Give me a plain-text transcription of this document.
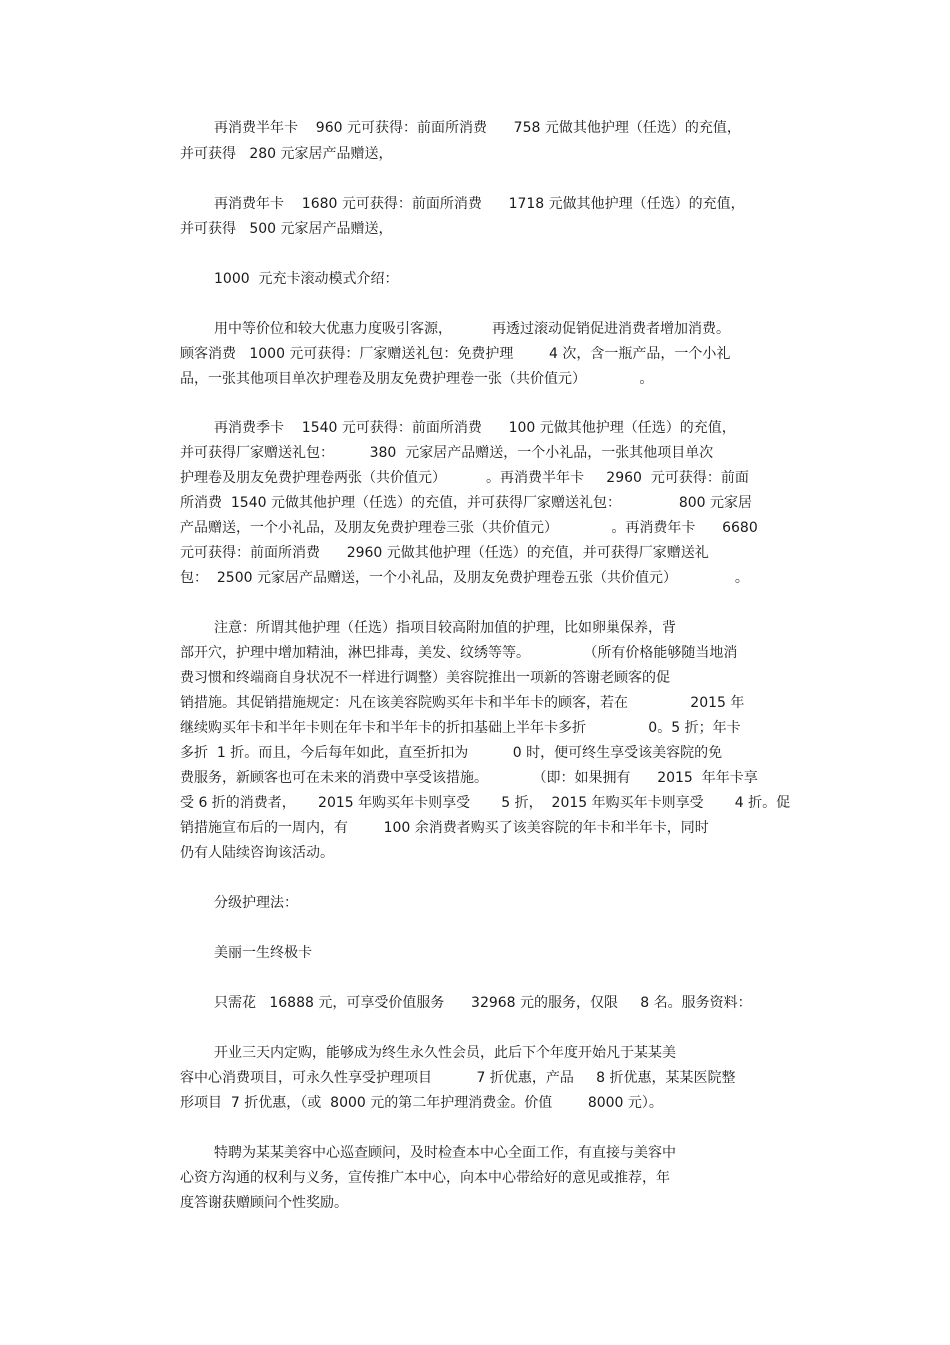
再消费半年卡    960 元可获得：前面所消费      758 元做其他护理（任选）的充值，
并可获得   280 元家居产品赠送，
再消费年卡    1680 元可获得：前面所消费      1718 元做其他护理（任选）的充值，
并可获得   500 元家居产品赠送，
1000  元充卡滚动模式介绍：
用中等价位和较大优惠力度吸引客源，         再透过滚动促销促进消费者增加消费。
顾客消费   1000 元可获得：厂家赠送礼包：免费护理        4 次，含一瓶产品，一个小礼
品，一张其他项目单次护理卷及朋友免费护理卷一张（共价值元）            。
再消费季卡    1540 元可获得：前面所消费      100 元做其他护理（任选）的充值，
并可获得厂家赠送礼包：        380  元家居产品赠送，一个小礼品，一张其他项目单次
护理卷及朋友免费护理卷两张（共价值元）         。再消费半年卡     2960  元可获得：前面
所消费  1540 元做其他护理（任选）的充值，并可获得厂家赠送礼包：             800 元家居
产品赠送，一个小礼品，及朋友免费护理卷三张（共价值元）            。再消费年卡      6680
元可获得：前面所消费      2960 元做其他护理（任选）的充值，并可获得厂家赠送礼
包：  2500 元家居产品赠送，一个小礼品，及朋友免费护理卷五张（共价值元）             。
注意：所谓其他护理（任选）指项目较高附加值的护理，比如卵巢保养，背
部开穴，护理中增加精油，淋巴排毒，美发、纹绣等等。            （所有价格能够随当地消
费习惯和终端商自身状况不一样进行调整）美容院推出一项新的答谢老顾客的促
销措施。其促销措施规定：凡在该美容院购买年卡和半年卡的顾客，若在              2015 年
继续购买年卡和半年卡则在年卡和半年卡的折扣基础上半年卡多折              0。5 折；年卡
多折  1 折。而且，今后每年如此，直至折扣为          0 时，便可终生享受该美容院的免
费服务，新顾客也可在未来的消费中享受该措施。          （即：如果拥有      2015  年年卡享
受 6 折的消费者，     2015 年购买年卡则享受       5 折，  2015 年购买年卡则享受       4 折。促
销措施宣布后的一周内，有        100 余消费者购买了该美容院的年卡和半年卡，同时
仍有人陆续咨询该活动。
分级护理法：
美丽一生终极卡
只需花   16888 元，可享受价值服务      32968 元的服务，仅限     8 名。服务资料：
开业三天内定购，能够成为终生永久性会员，此后下个年度开始凡于某某美
容中心消费项目，可永久性享受护理项目          7 折优惠，产品     8 折优惠，某某医院整
形项目  7 折优惠，（或  8000 元的第二年护理消费金。价值        8000 元）。
特聘为某某美容中心巡查顾问，及时检查本中心全面工作，有直接与美容中
心资方沟通的权利与义务，宣传推广本中心，向本中心带给好的意见或推荐，年
度答谢获赠顾问个性奖励。
